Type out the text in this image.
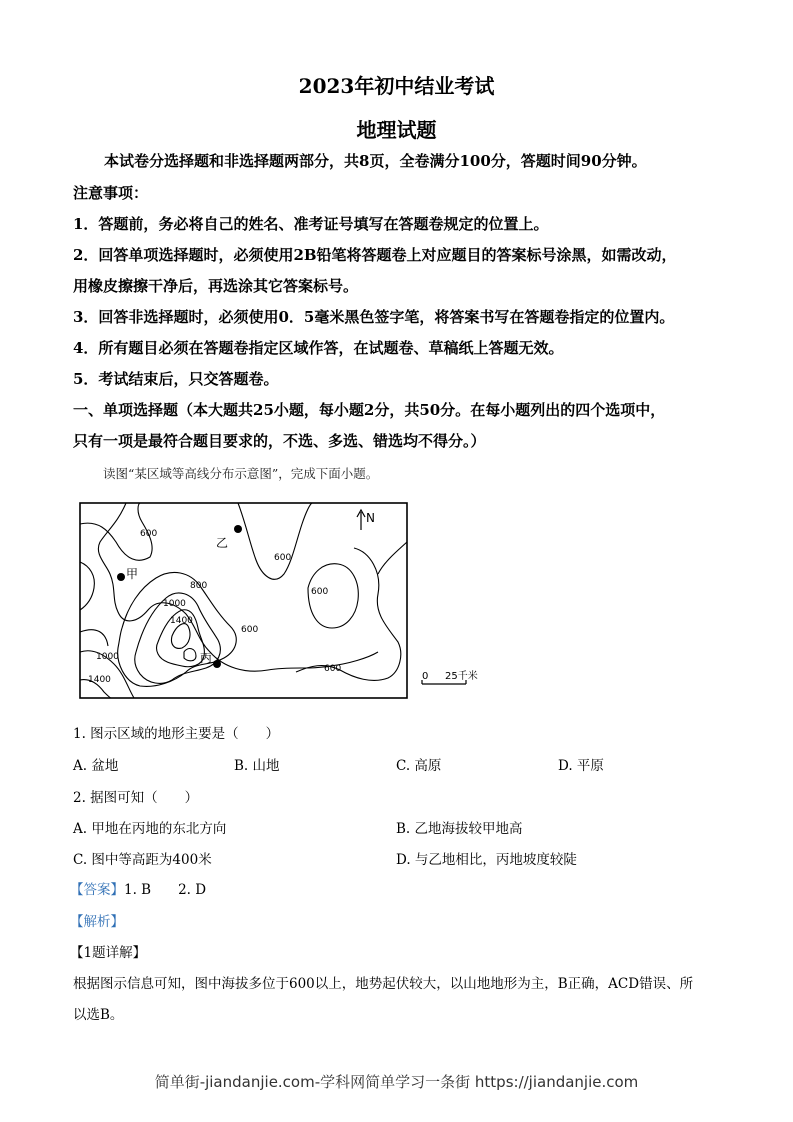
2023年初中结业考试
地理试题
本试卷分选择题和非选择题两部分，共8页，全卷满分100分，答题时间90分钟。
注意事项：
1．答题前，务必将自己的姓名、准考证号填写在答题卷规定的位置上。
2．回答单项选择题时，必须使用2B铅笔将答题卷上对应题目的答案标号涂黑，如需改动，
用橡皮擦擦干净后，再选涂其它答案标号。
3．回答非选择题时，必须使用0．5毫米黑色签字笔，将答案书写在答题卷指定的位置内。
4．所有题目必须在答题卷指定区域作答，在试题卷、草稿纸上答题无效。
5．考试结束后，只交答题卷。
一、单项选择题（本大题共25小题，每小题2分，共50分。在每小题列出的四个选项中，
只有一项是最符合题目要求的，不选、多选、错选均不得分。）
读图“某区域等高线分布示意图”，完成下面小题。
甲
乙
丙
600
600
800
1000
1400
600
600
600
1000
1400
N
0 25千米
1. 图示区域的地形主要是（　　）
A. 盆地	B. 山地	C. 高原	D. 平原
2. 据图可知（　　）
A. 甲地在丙地的东北方向	B. 乙地海拔较甲地高
C. 图中等高距为400米	D. 与乙地相比，丙地坡度较陡
【答案】1. B　　2. D
【解析】
【1题详解】
根据图示信息可知，图中海拔多位于600以上，地势起伏较大，以山地地形为主，B正确，ACD错误、所
以选B。
简单街-jiandanjie.com-学科网简单学习一条街 https://jiandanjie.com
